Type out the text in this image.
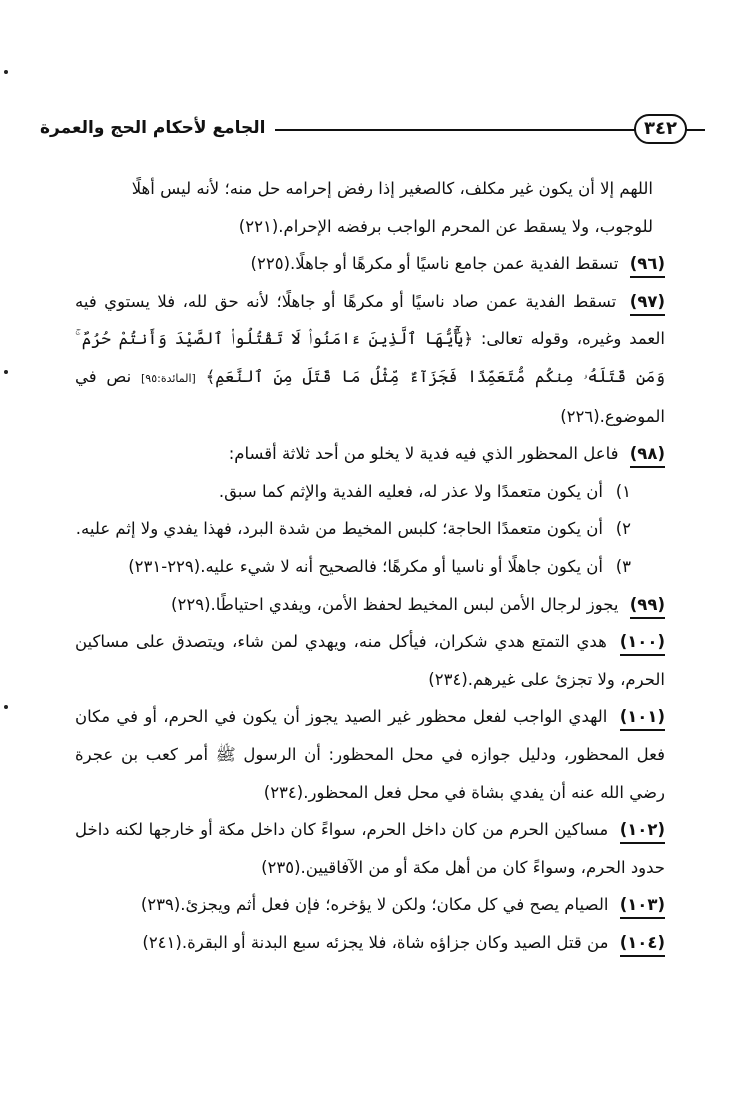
٣٤٢
الجامع لأحكام الحج والعمرة

اللهم إلا أن يكون غير مكلف، كالصغير إذا رفض إحرامه حل منه؛ لأنه ليس أهلًا

للوجوب، ولا يسقط عن المحرم الواجب برفضه الإحرام.(٢٢١)

(٩٦) تسقط الفدية عمن جامع ناسيًا أو مكرهًا أو جاهلًا.(٢٢٥)
(٩٧) تسقط الفدية عمن صاد ناسيًا أو مكرهًا أو جاهلًا؛ لأنه حق لله، فلا يستوي فيه العمد وغيره، وقوله تعالى: ﴿يَٰٓأَيُّهَا ٱلَّذِينَ ءَامَنُوا۟ لَا تَقْتُلُوا۟ ٱلصَّيْدَ وَأَنتُمْ حُرُمٌ ۚ وَمَن قَتَلَهُۥ مِنكُم مُّتَعَمِّدًا فَجَزَآءٌ مِّثْلُ مَا قَتَلَ مِنَ ٱلنَّعَمِ﴾ [المائدة:٩٥] نص في الموضوع.(٢٢٦)
(٩٨) فاعل المحظور الذي فيه فدية لا يخلو من أحد ثلاثة أقسام:
١)
أن يكون متعمدًا ولا عذر له، فعليه الفدية والإثم كما سبق.
٢)
أن يكون متعمدًا الحاجة؛ كلبس المخيط من شدة البرد، فهذا يفدي ولا إثم عليه.
٣)
أن يكون جاهلًا أو ناسيا أو مكرهًا؛ فالصحيح أنه لا شيء عليه.(٢٢٩-٢٣١)
(٩٩) يجوز لرجال الأمن لبس المخيط لحفظ الأمن، ويفدي احتياطًا.(٢٢٩)
(١٠٠) هدي التمتع هدي شكران، فيأكل منه، ويهدي لمن شاء، ويتصدق على مساكين الحرم، ولا تجزئ على غيرهم.(٢٣٤)
(١٠١) الهدي الواجب لفعل محظور غير الصيد يجوز أن يكون في الحرم، أو في مكان فعل المحظور، ودليل جوازه في محل المحظور: أن الرسول ﷺ أمر كعب بن عجرة رضي الله عنه أن يفدي بشاة في محل فعل المحظور.(٢٣٤)
(١٠٢) مساكين الحرم من كان داخل الحرم، سواءً كان داخل مكة أو خارجها لكنه داخل حدود الحرم، وسواءً كان من أهل مكة أو من الآفاقيين.(٢٣٥)
(١٠٣) الصيام يصح في كل مكان؛ ولكن لا يؤخره؛ فإن فعل أثم ويجزئ.(٢٣٩)
(١٠٤) من قتل الصيد وكان جزاؤه شاة، فلا يجزئه سبع البدنة أو البقرة.(٢٤١)
